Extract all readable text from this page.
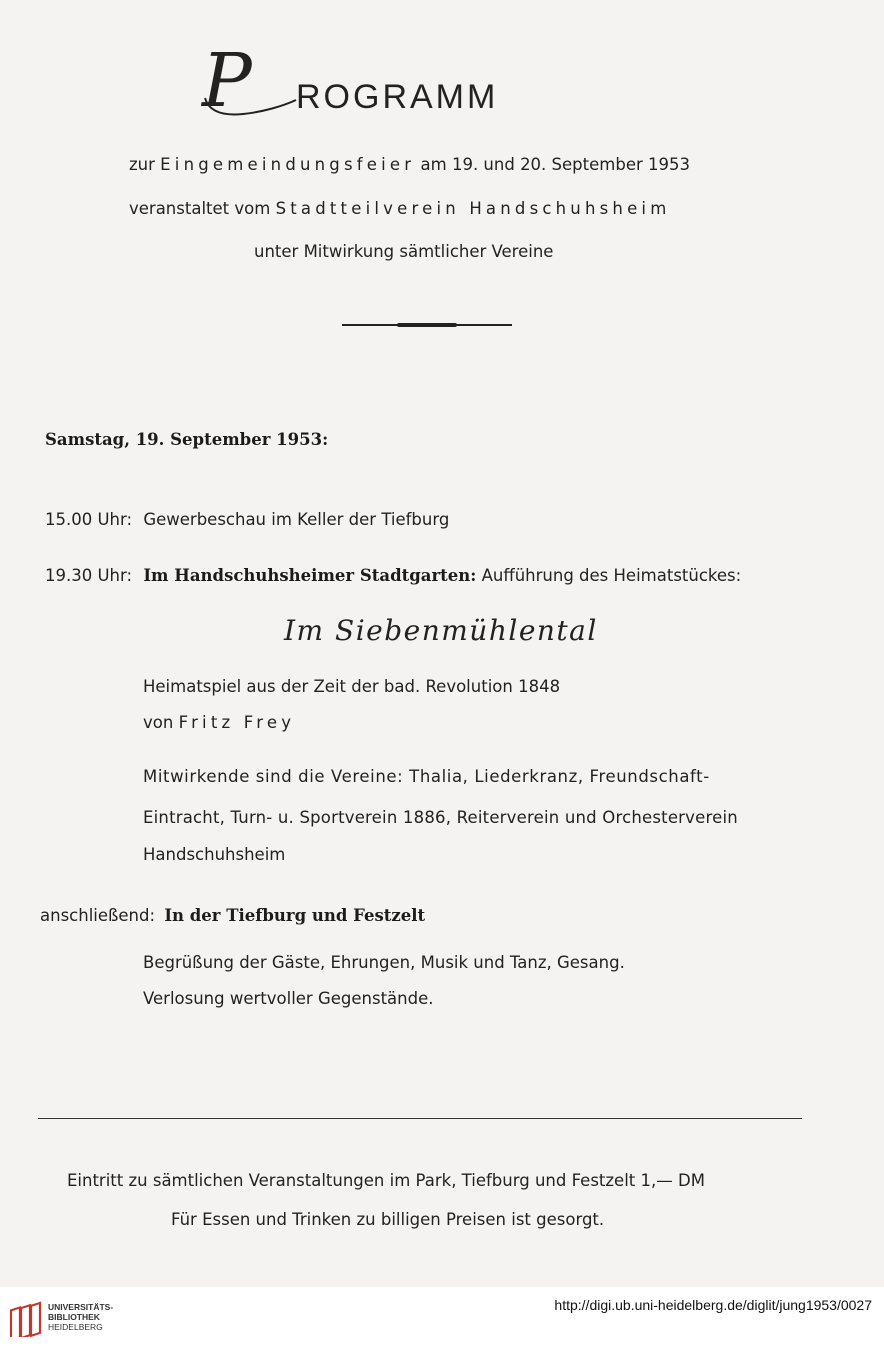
P ROGRAMM
zur Eingemeindungsfeier am 19. und 20. September 1953
veranstaltet vom Stadtteilverein Handschuhsheim
unter Mitwirkung sämtlicher Vereine
Samstag, 19. September 1953:
15.00 Uhr: Gewerbeschau im Keller der Tiefburg
19.30 Uhr: Im Handschuhsheimer Stadtgarten: Aufführung des Heimatstückes:
Im Siebenmühlental
Heimatspiel aus der Zeit der bad. Revolution 1848
von Fritz Frey
Mitwirkende sind die Vereine: Thalia, Liederkranz, Freundschaft-
Eintracht, Turn- u. Sportverein 1886, Reiterverein und Orchesterverein
Handschuhsheim
anschließend: In der Tiefburg und Festzelt
Begrüßung der Gäste, Ehrungen, Musik und Tanz, Gesang.
Verlosung wertvoller Gegenstände.
Eintritt zu sämtlichen Veranstaltungen im Park, Tiefburg und Festzelt 1,— DM
Für Essen und Trinken zu billigen Preisen ist gesorgt.
UNIVERSITÄTS-
BIBLIOTHEK
HEIDELBERG
http://digi.ub.uni-heidelberg.de/diglit/jung1953/0027
